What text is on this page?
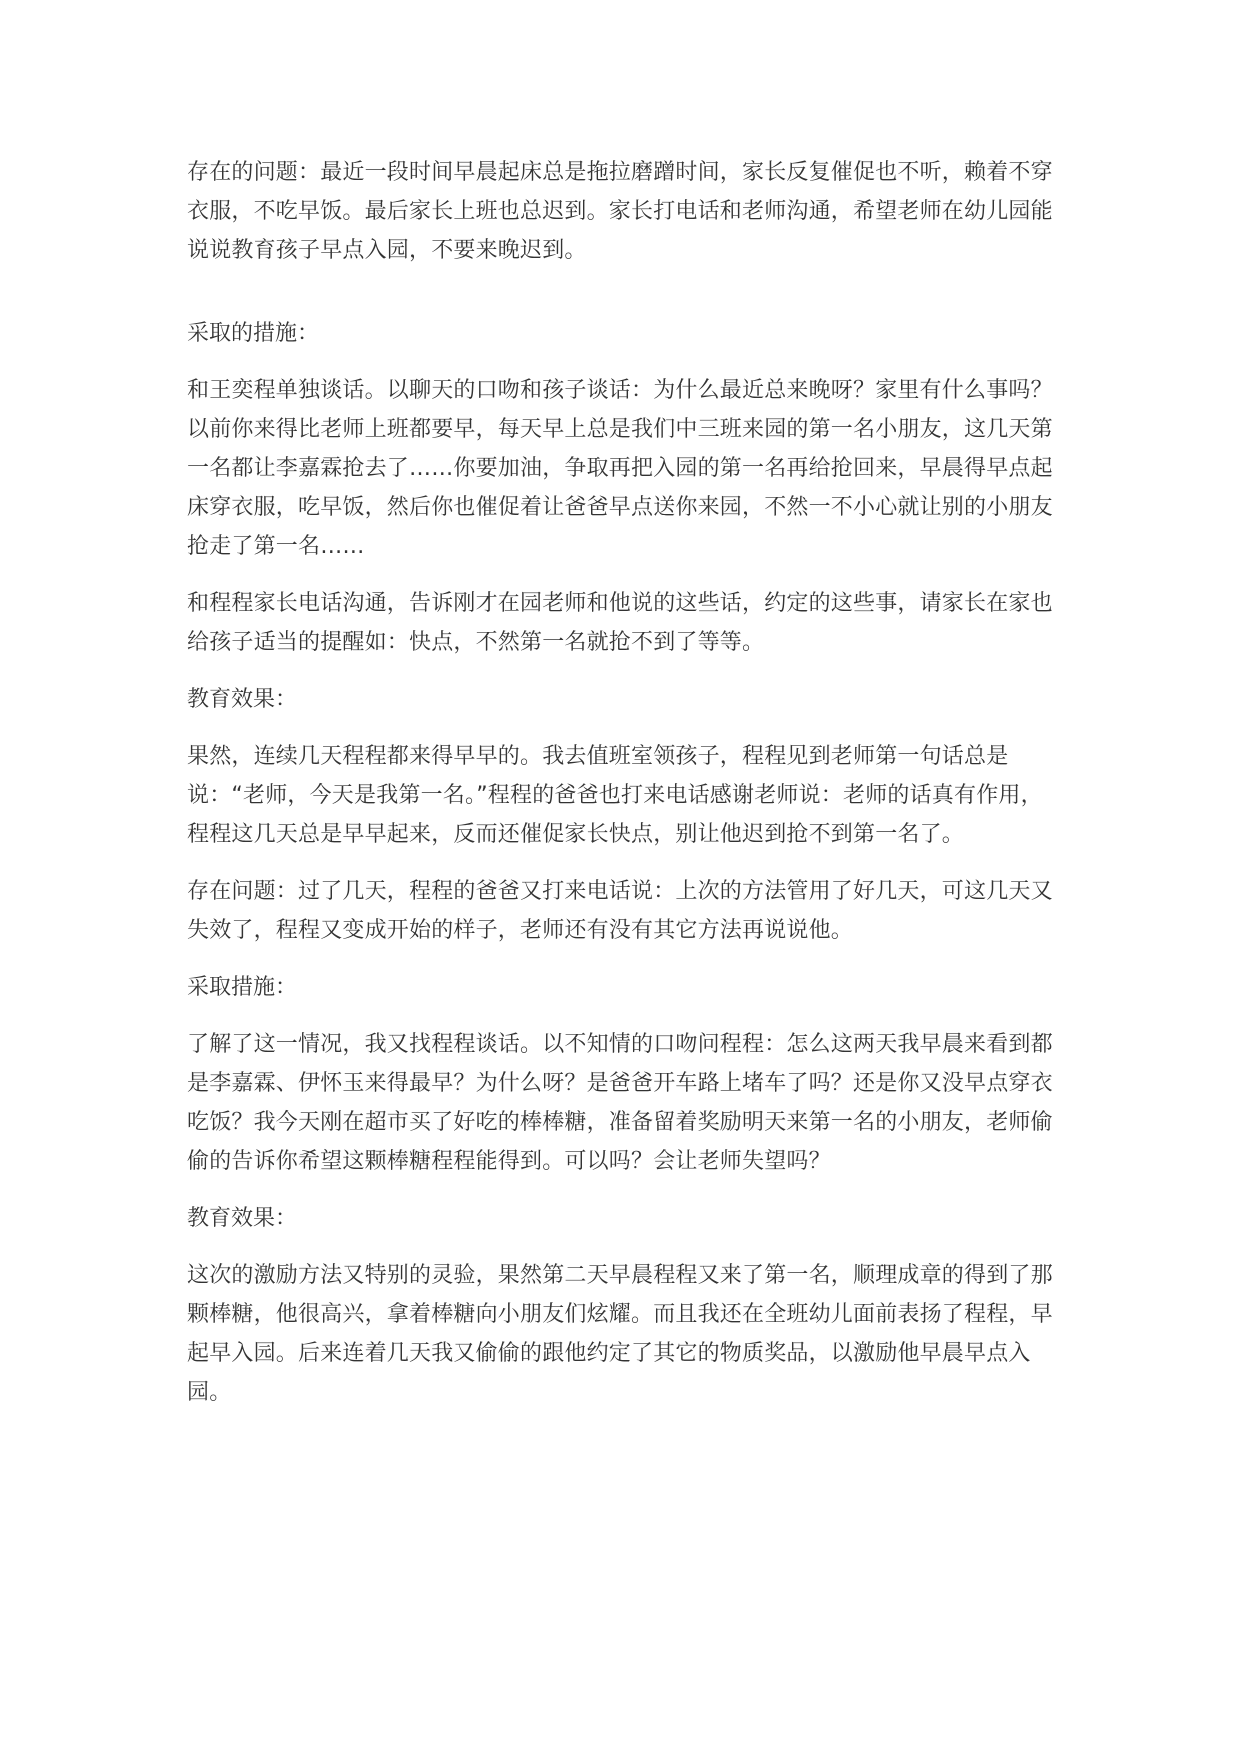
存在的问题：最近一段时间早晨起床总是拖拉磨蹭时间，家长反复催促也不听，赖着不穿衣服，不吃早饭。最后家长上班也总迟到。家长打电话和老师沟通，希望老师在幼儿园能说说教育孩子早点入园，不要来晚迟到。

采取的措施：

和王奕程单独谈话。以聊天的口吻和孩子谈话：为什么最近总来晚呀？家里有什么事吗？以前你来得比老师上班都要早，每天早上总是我们中三班来园的第一名小朋友，这几天第一名都让李嘉霖抢去了……你要加油，争取再把入园的第一名再给抢回来，早晨得早点起床穿衣服，吃早饭，然后你也催促着让爸爸早点送你来园，不然一不小心就让别的小朋友抢走了第一名……

和程程家长电话沟通，告诉刚才在园老师和他说的这些话，约定的这些事，请家长在家也给孩子适当的提醒如：快点，不然第一名就抢不到了等等。

教育效果：

果然，连续几天程程都来得早早的。我去值班室领孩子，程程见到老师第一句话总是说：“老师，今天是我第一名。”程程的爸爸也打来电话感谢老师说：老师的话真有作用，程程这几天总是早早起来，反而还催促家长快点，别让他迟到抢不到第一名了。

存在问题：过了几天，程程的爸爸又打来电话说：上次的方法管用了好几天，可这几天又失效了，程程又变成开始的样子，老师还有没有其它方法再说说他。

采取措施：

了解了这一情况，我又找程程谈话。以不知情的口吻问程程：怎么这两天我早晨来看到都是李嘉霖、伊怀玉来得最早？为什么呀？是爸爸开车路上堵车了吗？还是你又没早点穿衣吃饭？我今天刚在超市买了好吃的棒棒糖，准备留着奖励明天来第一名的小朋友，老师偷偷的告诉你希望这颗棒糖程程能得到。可以吗？会让老师失望吗？

教育效果：

这次的激励方法又特别的灵验，果然第二天早晨程程又来了第一名，顺理成章的得到了那颗棒糖，他很高兴，拿着棒糖向小朋友们炫耀。而且我还在全班幼儿面前表扬了程程，早起早入园。后来连着几天我又偷偷的跟他约定了其它的物质奖品，以激励他早晨早点入园。
